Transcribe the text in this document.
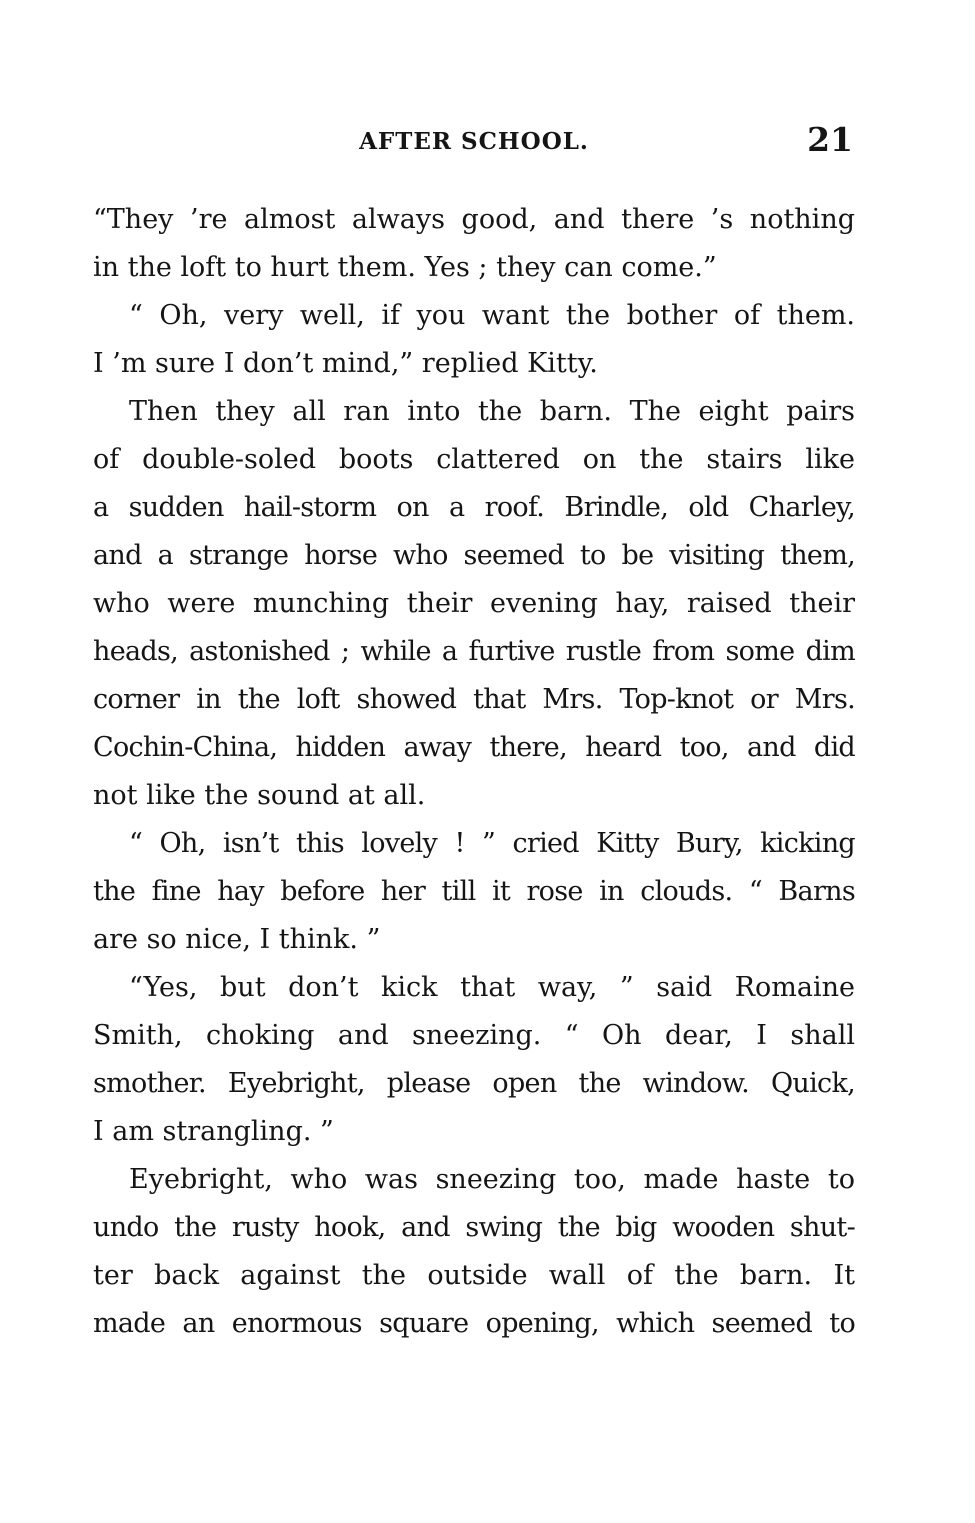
AFTER SCHOOL.	21
“They ’re almost always good, and there ’s nothing
in the loft to hurt them. Yes ; they can come.”
“ Oh, very well, if you want the bother of them.
I ’m sure I don’t mind,” replied Kitty.
Then they all ran into the barn. The eight pairs
of double-soled boots clattered on the stairs like
a sudden hail-storm on a roof. Brindle, old Charley,
and a strange horse who seemed to be visiting them,
who were munching their evening hay, raised their
heads, astonished ; while a furtive rustle from some dim
corner in the loft showed that Mrs. Top-knot or Mrs.
Cochin-China, hidden away there, heard too, and did
not like the sound at all.
“ Oh, isn’t this lovely ! ” cried Kitty Bury, kicking
the fine hay before her till it rose in clouds. “ Barns
are so nice, I think. ”
“Yes, but don’t kick that way, ” said Romaine
Smith, choking and sneezing. “ Oh dear, I shall
smother. Eyebright, please open the window. Quick,
I am strangling. ”
Eyebright, who was sneezing too, made haste to
undo the rusty hook, and swing the big wooden shut-
ter back against the outside wall of the barn. It
made an enormous square opening, which seemed to
